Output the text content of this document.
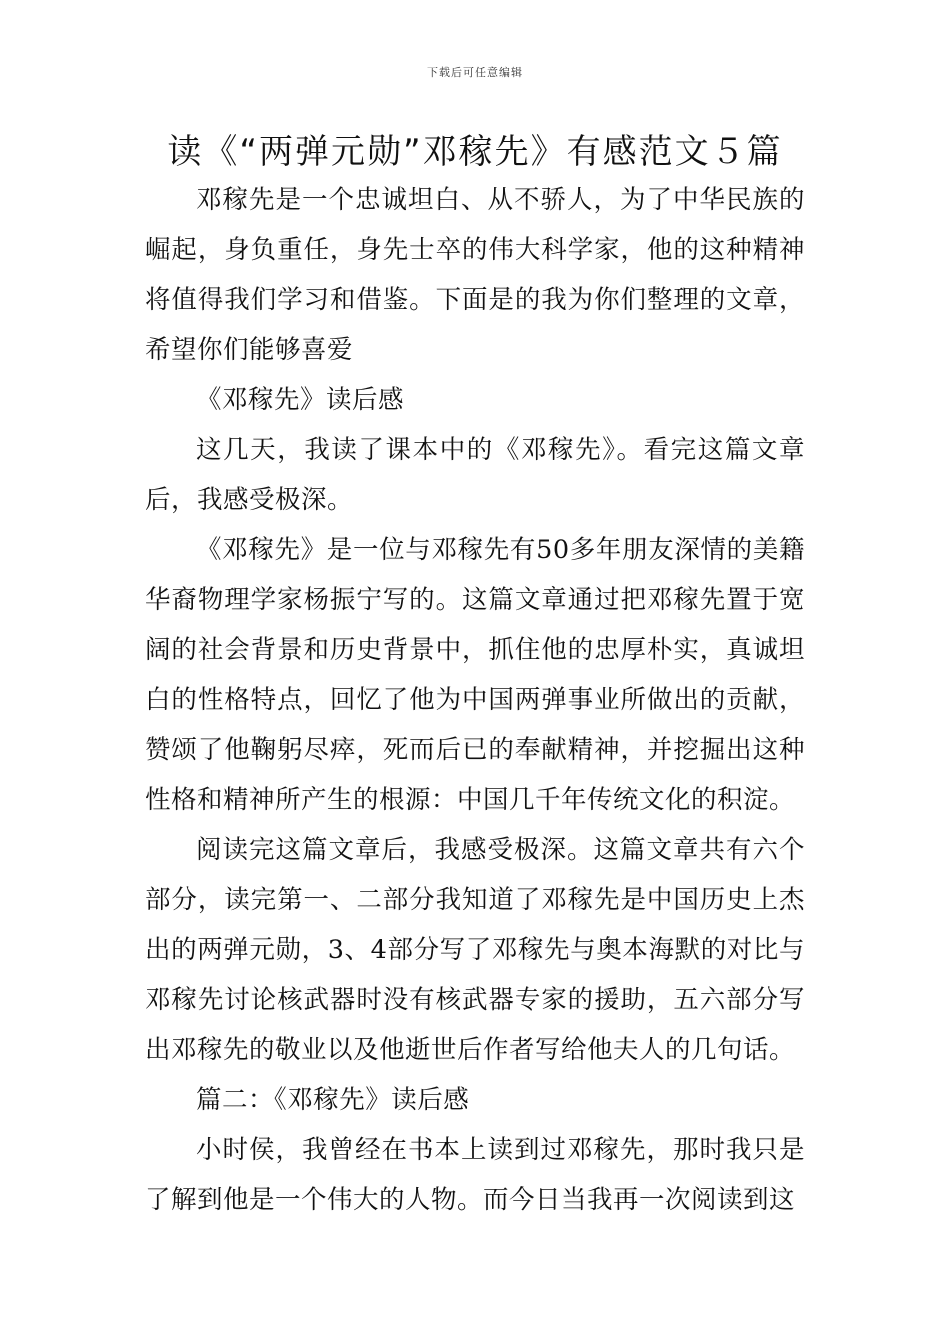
下载后可任意编辑
读《“两弹元勋”邓稼先》有感范文５篇

邓稼先是一个忠诚坦白、从不骄人，为了中华民族的崛起，身负重任，身先士卒的伟大科学家，他的这种精神将值得我们学习和借鉴。下面是的我为你们整理的文章，希望你们能够喜爱

《邓稼先》读后感

这几天，我读了课本中的《邓稼先》。看完这篇文章后，我感受极深。

《邓稼先》是一位与邓稼先有50多年朋友深情的美籍华裔物理学家杨振宁写的。这篇文章通过把邓稼先置于宽阔的社会背景和历史背景中，抓住他的忠厚朴实，真诚坦白的性格特点，回忆了他为中国两弹事业所做出的贡献，赞颂了他鞠躬尽瘁，死而后已的奉献精神，并挖掘出这种性格和精神所产生的根源：中国几千年传统文化的积淀。

阅读完这篇文章后，我感受极深。这篇文章共有六个部分，读完第一、二部分我知道了邓稼先是中国历史上杰出的两弹元勋，3、4部分写了邓稼先与奥本海默的对比与邓稼先讨论核武器时没有核武器专家的援助，五六部分写出邓稼先的敬业以及他逝世后作者写给他夫人的几句话。

篇二：《邓稼先》读后感

小时侯，我曾经在书本上读到过邓稼先，那时我只是了解到他是一个伟大的人物。而今日当我再一次阅读到这
